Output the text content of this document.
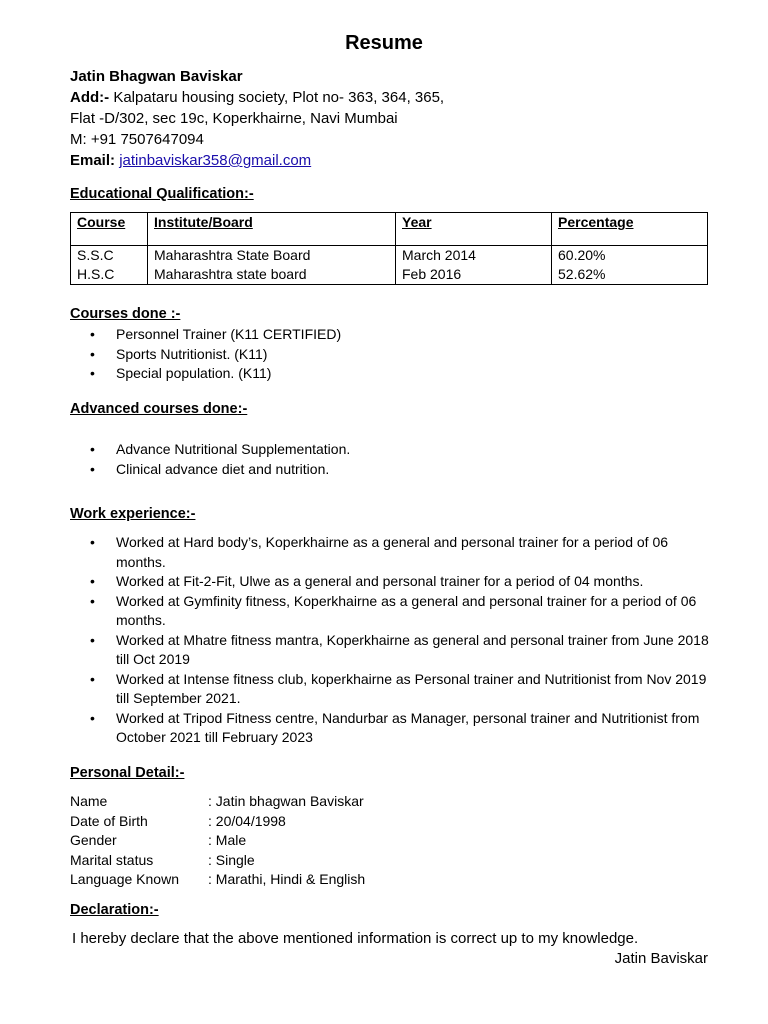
Resume
Jatin Bhagwan Baviskar
Add:- Kalpataru housing society, Plot no- 363, 364, 365,
Flat -D/302, sec 19c, Koperkhairne, Navi Mumbai
M: +91 7507647094
Email: jatinbaviskar358@gmail.com
Educational Qualification:-
Course	Institute/Board	Year	Percentage
S.S.C	Maharashtra State Board	March 2014	60.20%
H.S.C	Maharashtra state board	Feb 2016	52.62%
Courses done :-
• Personnel Trainer (K11 CERTIFIED)
• Sports Nutritionist. (K11)
• Special population. (K11)
Advanced courses done:-
• Advance Nutritional Supplementation.
• Clinical advance diet and nutrition.
Work experience:-
• Worked at Hard body’s, Koperkhairne as a general and personal trainer for a period of 06 months.
• Worked at Fit-2-Fit, Ulwe as a general and personal trainer for a period of 04 months.
• Worked at Gymfinity fitness, Koperkhairne as a general and personal trainer for a period of 06 months.
• Worked at Mhatre fitness mantra, Koperkhairne as general and personal trainer from June 2018 till Oct 2019
• Worked at Intense fitness club, koperkhairne as Personal trainer and Nutritionist from Nov 2019 till September 2021.
• Worked at Tripod Fitness centre, Nandurbar as Manager, personal trainer and Nutritionist from October 2021 till February 2023
Personal Detail:-
Name	: Jatin bhagwan Baviskar
Date of Birth	: 20/04/1998
Gender	: Male
Marital status	: Single
Language Known	: Marathi, Hindi & English
Declaration:-
I hereby declare that the above mentioned information is correct up to my knowledge.
Jatin Baviskar
